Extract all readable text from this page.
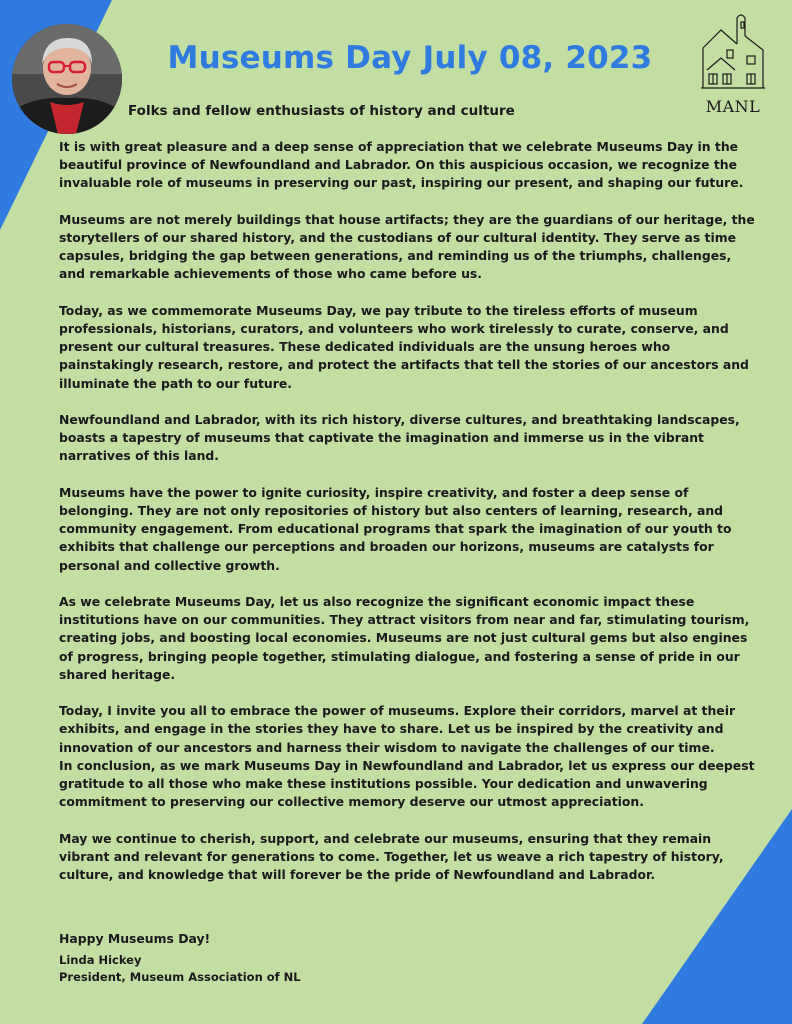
Museums Day July 08, 2023
MANL
Folks and fellow enthusiasts of history and culture

It is with great pleasure and a deep sense of appreciation that we celebrate Museums Day in the beautiful province of Newfoundland and Labrador. On this auspicious occasion, we recognize the invaluable role of museums in preserving our past, inspiring our present, and shaping our future.

Museums are not merely buildings that house artifacts; they are the guardians of our heritage, the storytellers of our shared history, and the custodians of our cultural identity. They serve as time capsules, bridging the gap between generations, and reminding us of the triumphs, challenges, and remarkable achievements of those who came before us.

Today, as we commemorate Museums Day, we pay tribute to the tireless efforts of museum professionals, historians, curators, and volunteers who work tirelessly to curate, conserve, and present our cultural treasures. These dedicated individuals are the unsung heroes who painstakingly research, restore, and protect the artifacts that tell the stories of our ancestors and illuminate the path to our future.

Newfoundland and Labrador, with its rich history, diverse cultures, and breathtaking landscapes, boasts a tapestry of museums that captivate the imagination and immerse us in the vibrant narratives of this land.

Museums have the power to ignite curiosity, inspire creativity, and foster a deep sense of belonging. They are not only repositories of history but also centers of learning, research, and community engagement. From educational programs that spark the imagination of our youth to exhibits that challenge our perceptions and broaden our horizons, museums are catalysts for personal and collective growth.

As we celebrate Museums Day, let us also recognize the significant economic impact these institutions have on our communities. They attract visitors from near and far, stimulating tourism, creating jobs, and boosting local economies. Museums are not just cultural gems but also engines of progress, bringing people together, stimulating dialogue, and fostering a sense of pride in our shared heritage.

Today, I invite you all to embrace the power of museums. Explore their corridors, marvel at their exhibits, and engage in the stories they have to share. Let us be inspired by the creativity and innovation of our ancestors and harness their wisdom to navigate the challenges of our time.

In conclusion, as we mark Museums Day in Newfoundland and Labrador, let us express our deepest gratitude to all those who make these institutions possible. Your dedication and unwavering commitment to preserving our collective memory deserve our utmost appreciation.

May we continue to cherish, support, and celebrate our museums, ensuring that they remain vibrant and relevant for generations to come. Together, let us weave a rich tapestry of history, culture, and knowledge that will forever be the pride of Newfoundland and Labrador.

Happy Museums Day!
Linda Hickey
President, Museum Association of NL
